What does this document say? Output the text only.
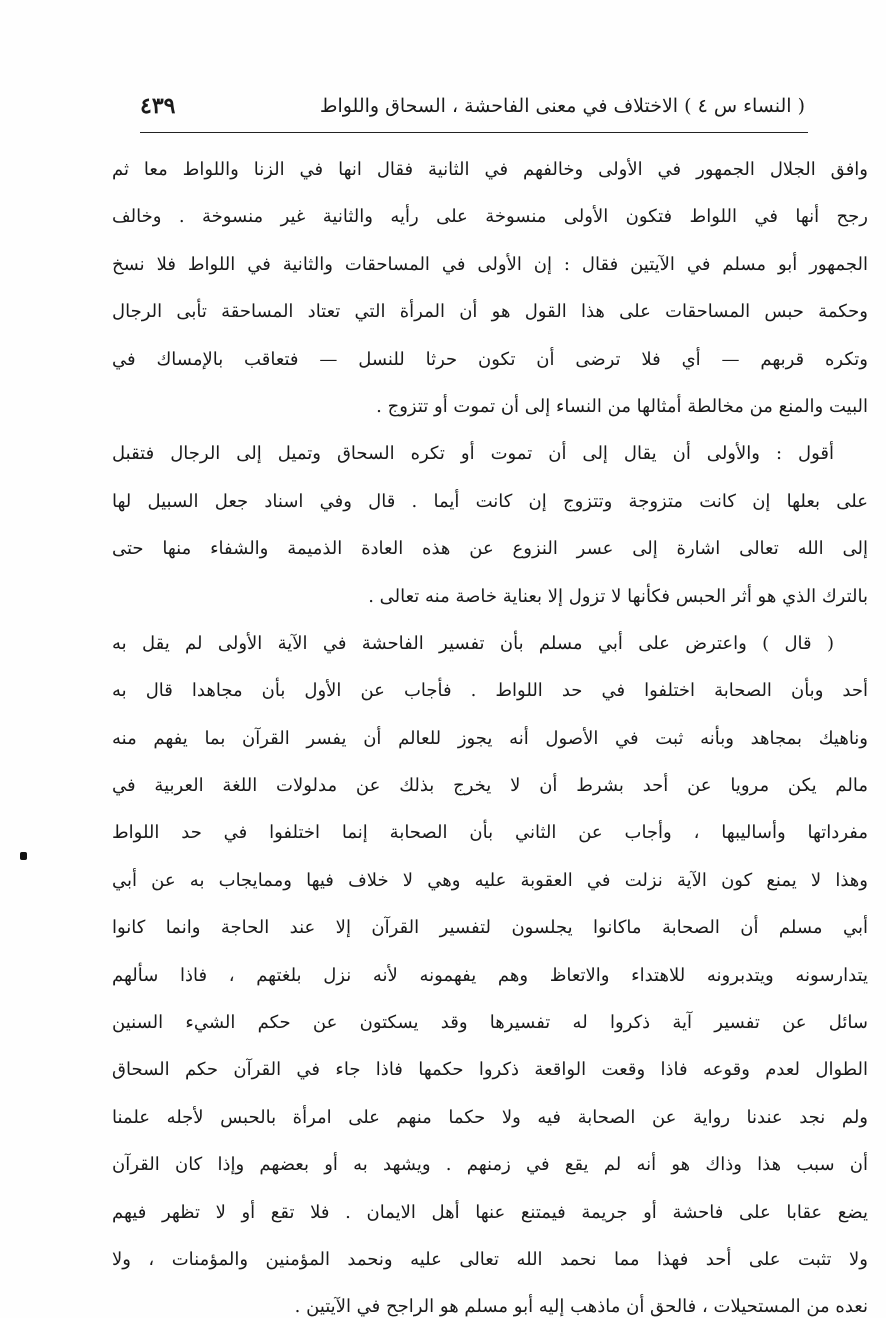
( النساء س ٤ ) الاختلاف في معنى الفاحشة ، السحاق واللواط
٤٣٩
وافق الجلال الجمهور في الأولى وخالفهم في الثانية فقال انها في الزنا واللواط معا ثم
رجح أنها في اللواط فتكون الأولى منسوخة على رأيه والثانية غير منسوخة . وخالف
الجمهور أبو مسلم في الآيتين فقال : إن الأولى في المساحقات والثانية في اللواط فلا نسخ
وحكمة حبس المساحقات على هذا القول هو أن المرأة التي تعتاد المساحقة تأبى الرجال
وتكره قربهم — أي فلا ترضى أن تكون حرثا للنسل — فتعاقب بالإمساك في
البيت والمنع من مخالطة أمثالها من النساء إلى أن تموت أو تتزوج .
أقول : والأولى أن يقال إلى أن تموت أو تكره السحاق وتميل إلى الرجال فتقبل
على بعلها إن كانت متزوجة وتتزوج إن كانت أيما . قال وفي اسناد جعل السبيل لها
إلى الله تعالى اشارة إلى عسر النزوع عن هذه العادة الذميمة والشفاء منها حتى
بالترك الذي هو أثر الحبس فكأنها لا تزول إلا بعناية خاصة منه تعالى .
( قال ) واعترض على أبي مسلم بأن تفسير الفاحشة في الآية الأولى لم يقل به
أحد وبأن الصحابة اختلفوا في حد اللواط . فأجاب عن الأول بأن مجاهدا قال به
وناهيك بمجاهد وبأنه ثبت في الأصول أنه يجوز للعالم أن يفسر القرآن بما يفهم منه
مالم يكن مرويا عن أحد بشرط أن لا يخرج بذلك عن مدلولات اللغة العربية في
مفرداتها وأساليبها ، وأجاب عن الثاني بأن الصحابة إنما اختلفوا في حد اللواط
وهذا لا يمنع كون الآية نزلت في العقوبة عليه وهي لا خلاف فيها وممايجاب به عن أبي
أبي مسلم أن الصحابة ماكانوا يجلسون لتفسير القرآن إلا عند الحاجة وانما كانوا
يتدارسونه ويتدبرونه للاهتداء والاتعاظ وهم يفهمونه لأنه نزل بلغتهم ، فاذا سألهم
سائل عن تفسير آية ذكروا له تفسيرها وقد يسكتون عن حكم الشيء السنين
الطوال لعدم وقوعه فاذا وقعت الواقعة ذكروا حكمها فاذا جاء في القرآن حكم السحاق
ولم نجد عندنا رواية عن الصحابة فيه ولا حكما منهم على امرأة بالحبس لأجله علمنا
أن سبب هذا وذاك هو أنه لم يقع في زمنهم . ويشهد به أو بعضهم وإذا كان القرآن
يضع عقابا على فاحشة أو جريمة فيمتنع عنها أهل الايمان . فلا تقع أو لا تظهر فيهم
ولا تثبت على أحد فهذا مما نحمد الله تعالى عليه ونحمد المؤمنين والمؤمنات ، ولا
نعده من المستحيلات ، فالحق أن ماذهب إليه أبو مسلم هو الراجح في الآيتين .
